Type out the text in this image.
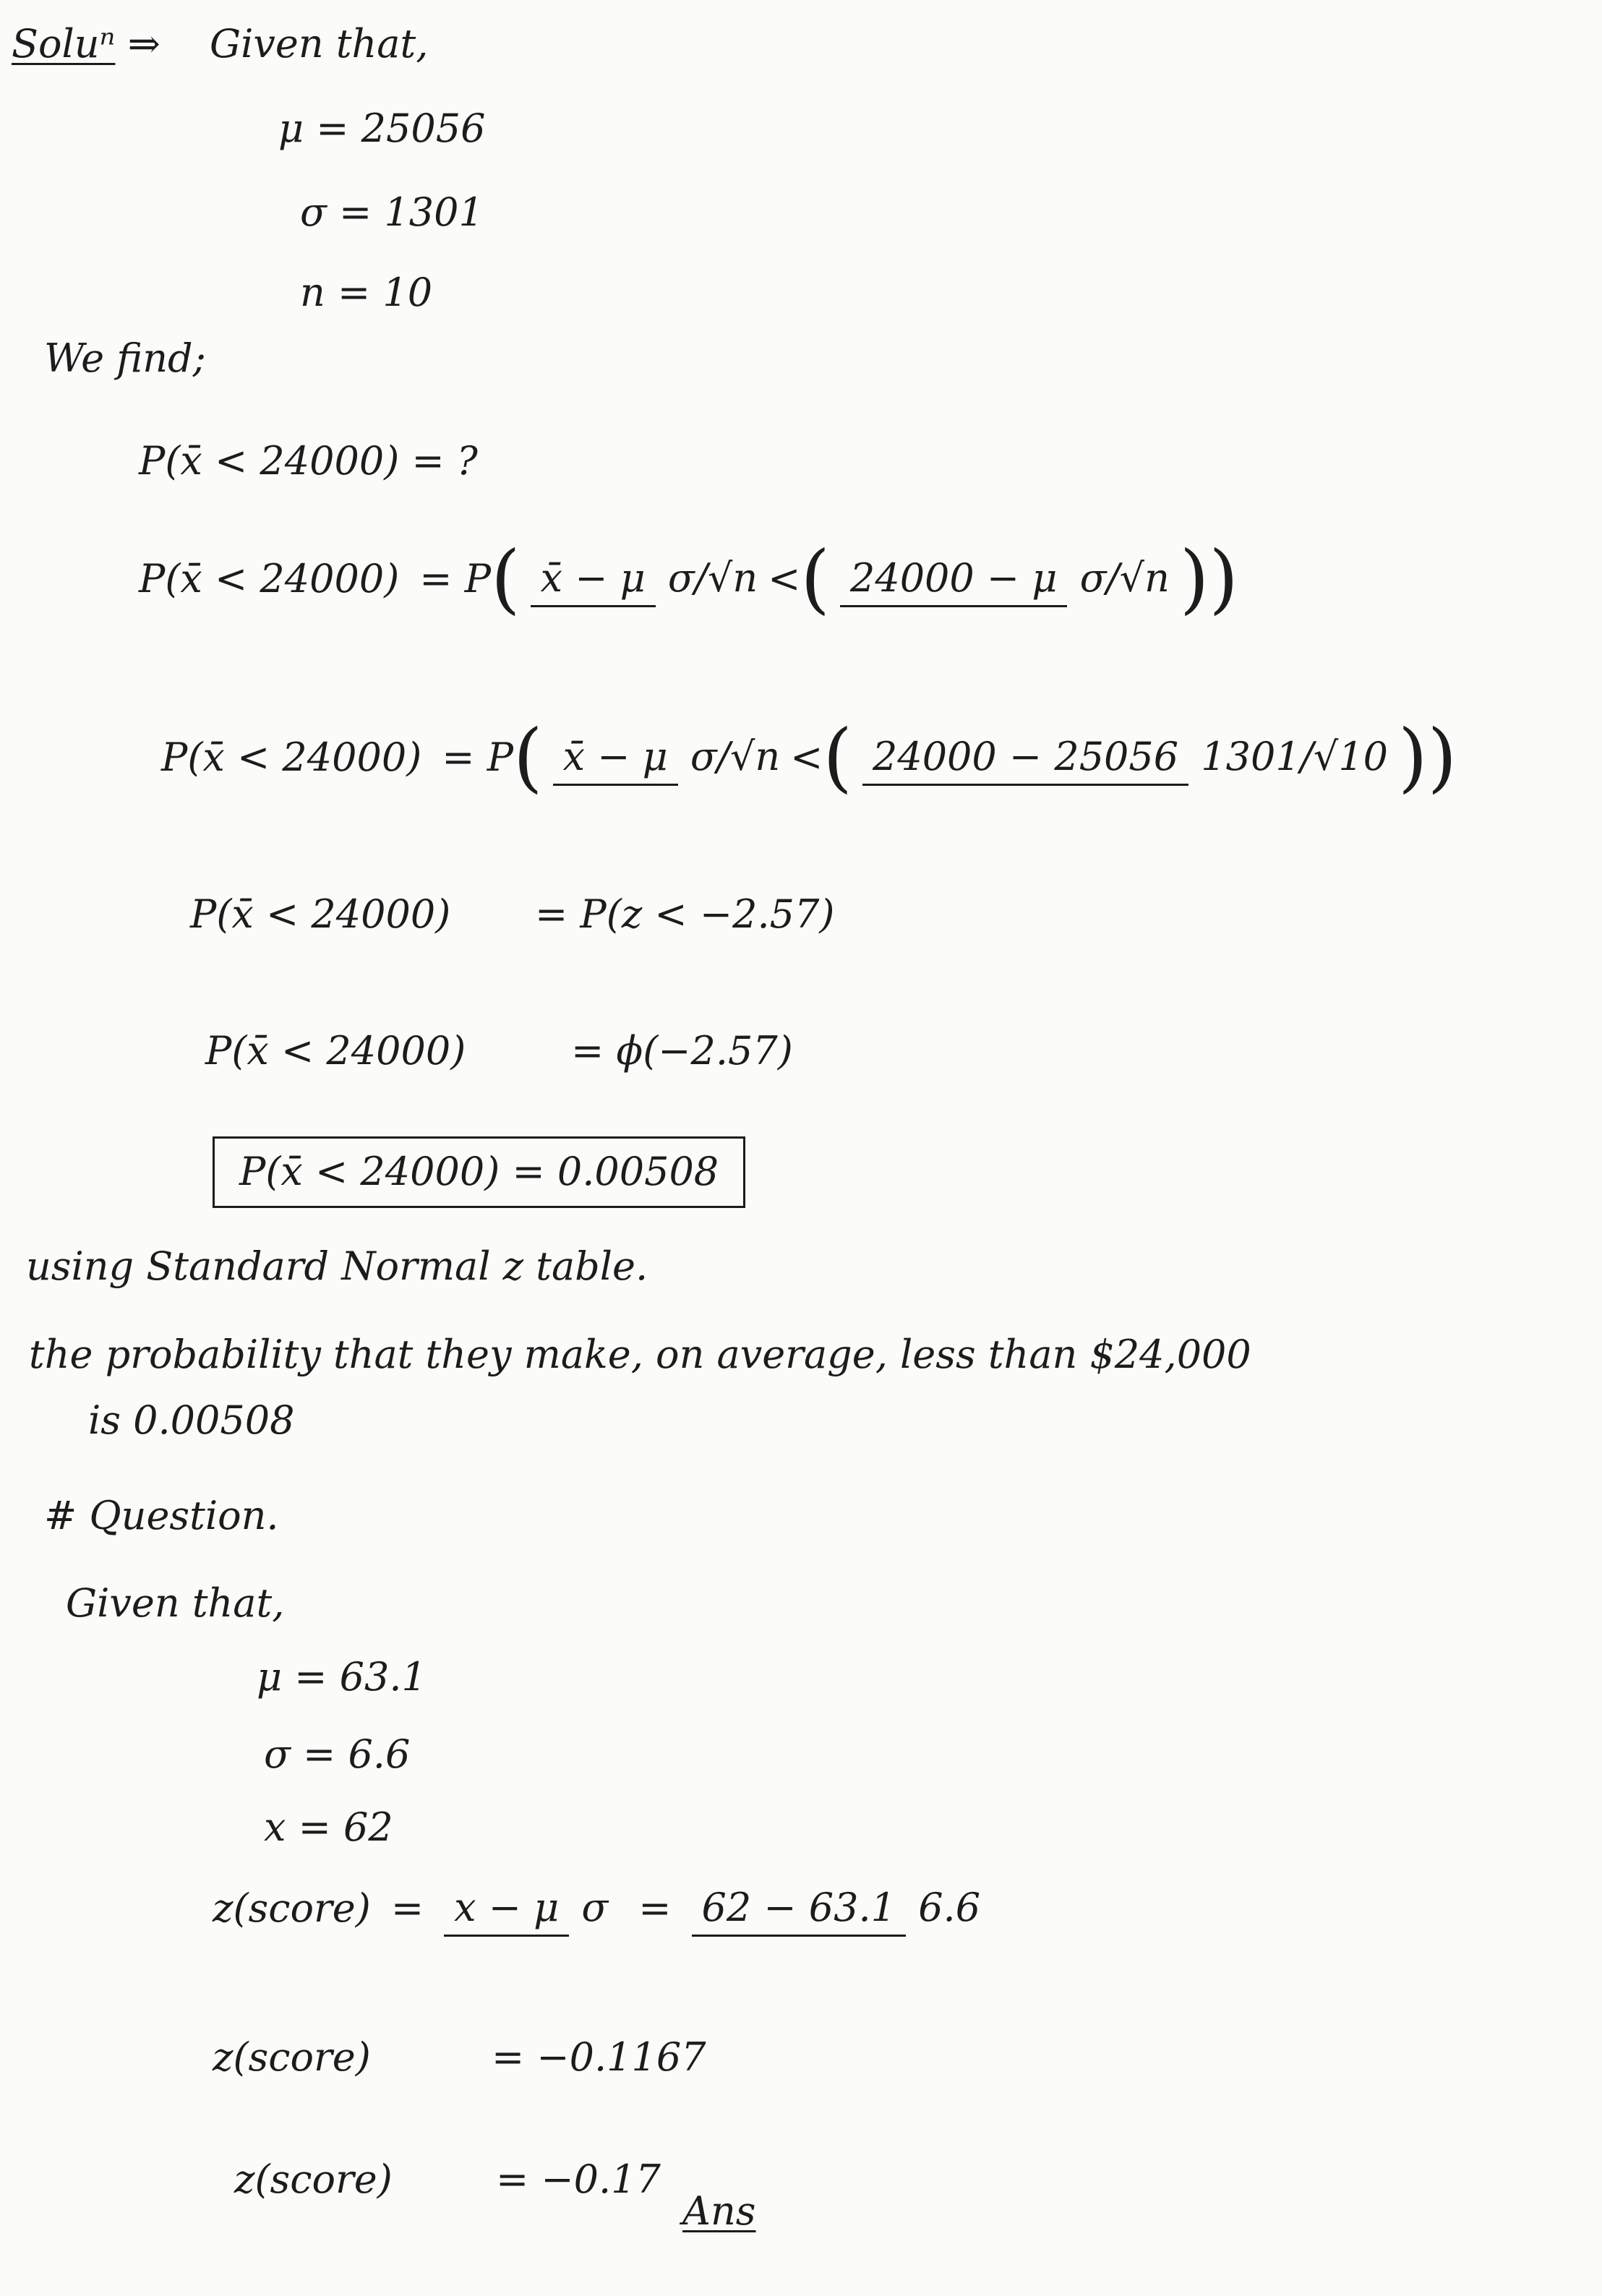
Soluⁿ ⇒ Given that,
μ = 25056
σ = 1301
n = 10
We find;
P(x̄ < 24000) = ?
P(x̄ < 24000) = P ( x̄ − μ σ/√n < ( 24000 − μ σ/√n ))
P(x̄ < 24000) = P ( x̄ − μ σ/√n < ( 24000 − 25056 1301/√10 ))
P(x̄ < 24000) = P(z < −2.57)
P(x̄ < 24000)	= ϕ(−2.57)
P(x̄ < 24000) = 0.00508
using Standard Normal z table.
the probability that they make, on average, less than $24,000
is 0.00508
# Question.
Given that,
μ = 63.1
σ = 6.6
x = 62
z(score) = x − μ σ = 62 − 63.1 6.6
z(score)	= −0.1167
z(score)	= −0.17
Ans
